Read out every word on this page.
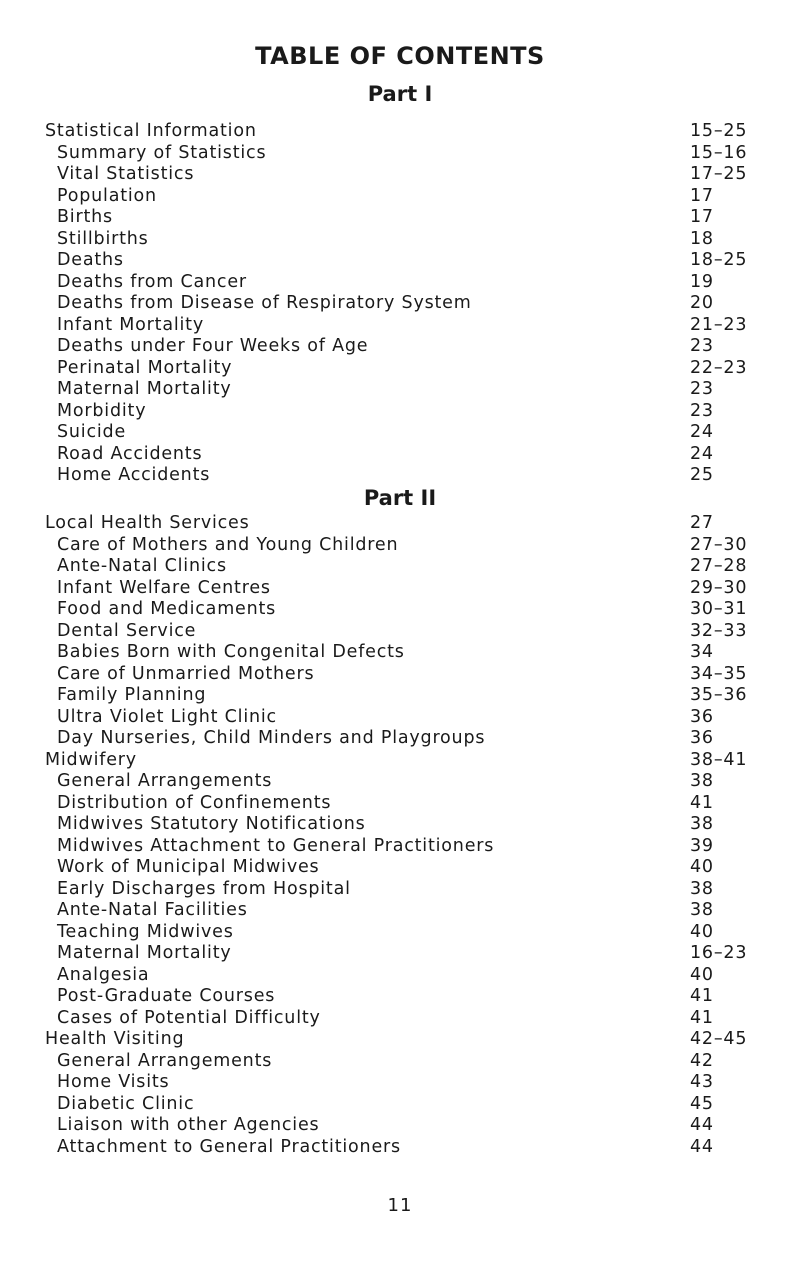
TABLE OF CONTENTS
Part I
Statistical Information	15–25
Summary of Statistics	15–16
Vital Statistics	17–25
Population	17
Births	17
Stillbirths	18
Deaths	18–25
Deaths from Cancer	19
Deaths from Disease of Respiratory System	20
Infant Mortality	21–23
Deaths under Four Weeks of Age	23
Perinatal Mortality	22–23
Maternal Mortality	23
Morbidity	23
Suicide	24
Road Accidents	24
Home Accidents	25
Part II
Local Health Services	27
Care of Mothers and Young Children	27–30
Ante-Natal Clinics	27–28
Infant Welfare Centres	29–30
Food and Medicaments	30–31
Dental Service	32–33
Babies Born with Congenital Defects	34
Care of Unmarried Mothers	34–35
Family Planning	35–36
Ultra Violet Light Clinic	36
Day Nurseries, Child Minders and Playgroups	36
Midwifery	38–41
General Arrangements	38
Distribution of Confinements	41
Midwives Statutory Notifications	38
Midwives Attachment to General Practitioners	39
Work of Municipal Midwives	40
Early Discharges from Hospital	38
Ante-Natal Facilities	38
Teaching Midwives	40
Maternal Mortality	16–23
Analgesia	40
Post-Graduate Courses	41
Cases of Potential Difficulty	41
Health Visiting	42–45
General Arrangements	42
Home Visits	43
Diabetic Clinic	45
Liaison with other Agencies	44
Attachment to General Practitioners	44
11
